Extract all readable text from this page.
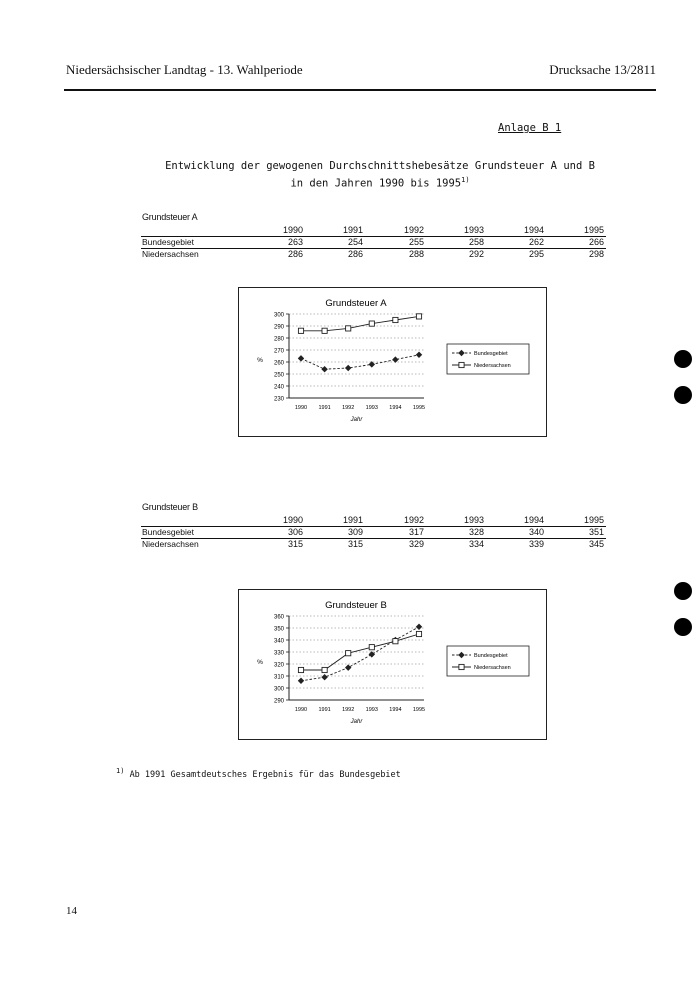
Niedersächsischer Landtag - 13. Wahlperiode	Drucksache 13/2811
Anlage B 1
Entwicklung der gewogenen Durchschnittshebesätze Grundsteuer A und B
in den Jahren 1990 bis 1995$^{1)}$
Grundsteuer A
1990	1991	1992	1993	1994	1995
Bundesgebiet	263	254	255	258	262	266
Niedersachsen	286	286	288	292	295	298
Grundsteuer A
300
290
280
270
260
250
240
230
1990 1991 1992 1993 1994 1995
Jahr
%
Bundesgebiet
Niedersachsen
Grundsteuer B
1990	1991	1992	1993	1994	1995
Bundesgebiet	306	309	317	328	340	351
Niedersachsen	315	315	329	334	339	345
Grundsteuer B
360
350
340
330
320
310
300
290
1990 1991 1992 1993 1994 1995
Jahr
%
Bundesgebiet
Niedersachsen
$^{1)}$ Ab 1991 Gesamtdeutsches Ergebnis für das Bundesgebiet
14
